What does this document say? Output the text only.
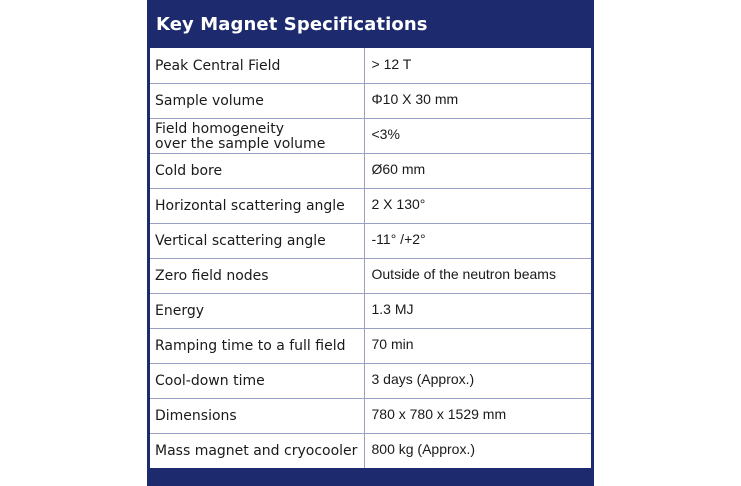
Key Magnet Specifications
Peak Central Field	> 12 T

Sample volume	Φ10 X 30 mm

Field homogeneity
over the sample volume	<3%

Cold bore	Ø60 mm

Horizontal scattering angle	2 X 130°

Vertical scattering angle	-11° /+2°

Zero field nodes	Outside of the neutron beams

Energy	1.3 MJ

Ramping time to a full field	70 min

Cool-down time	3 days (Approx.)

Dimensions	780 x 780 x 1529 mm

Mass magnet and cryocooler	800 kg (Approx.)
